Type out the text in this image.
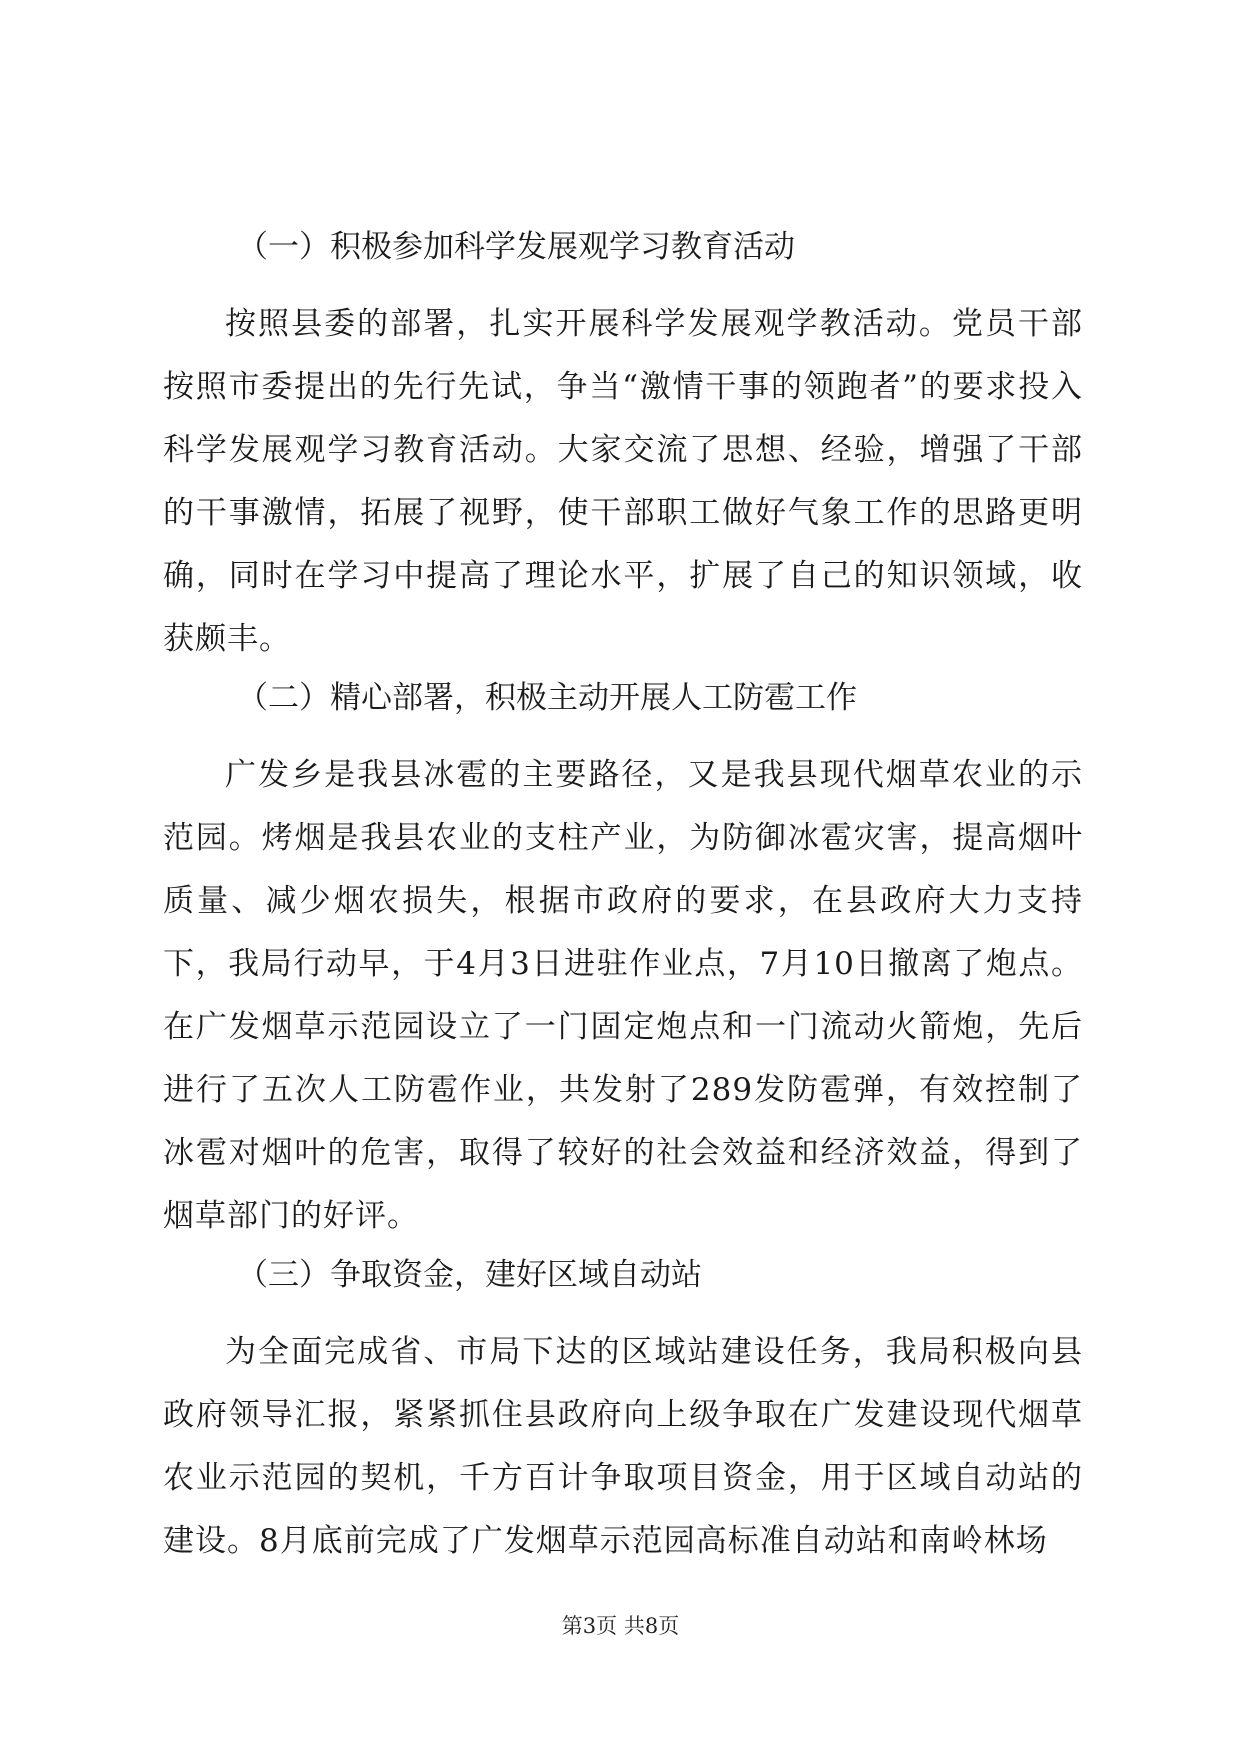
（一）积极参加科学发展观学习教育活动

按照县委的部署，扎实开展科学发展观学教活动。党员干部按照市委提出的先行先试，争当“激情干事的领跑者”的要求投入科学发展观学习教育活动。大家交流了思想、经验，增强了干部的干事激情，拓展了视野，使干部职工做好气象工作的思路更明确，同时在学习中提高了理论水平，扩展了自己的知识领域，收获颇丰。

（二）精心部署，积极主动开展人工防雹工作

广发乡是我县冰雹的主要路径，又是我县现代烟草农业的示范园。烤烟是我县农业的支柱产业，为防御冰雹灾害，提高烟叶质量、减少烟农损失，根据市政府的要求，在县政府大力支持下，我局行动早，于4月3日进驻作业点，7月10日撤离了炮点。在广发烟草示范园设立了一门固定炮点和一门流动火箭炮，先后进行了五次人工防雹作业，共发射了289发防雹弹，有效控制了冰雹对烟叶的危害，取得了较好的社会效益和经济效益，得到了烟草部门的好评。

（三）争取资金，建好区域自动站

为全面完成省、市局下达的区域站建设任务，我局积极向县政府领导汇报，紧紧抓住县政府向上级争取在广发建设现代烟草农业示范园的契机，千方百计争取项目资金，用于区域自动站的建设。8月底前完成了广发烟草示范园高标准自动站和南岭林场

第3页 共8页
